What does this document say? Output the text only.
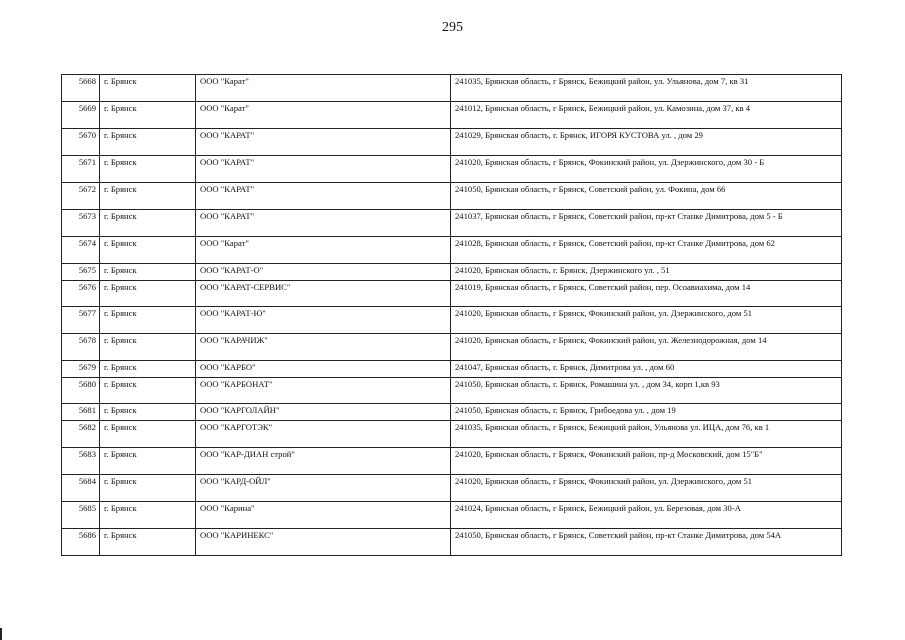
295
5668	г. Брянск	ООО "Карат"	241035, Брянская область, г Брянск, Бежицкий район, ул. Ульянова, дом 7, кв 31
5669	г. Брянск	ООО "Карат"	241012, Брянская область, г Брянск, Бежицкий район, ул. Камозина, дом 37, кв 4
5670	г. Брянск	ООО "КАРАТ"	241029, Брянская область, г. Брянск, ИГОРЯ КУСТОВА ул. , дом 29
5671	г. Брянск	ООО "КАРАТ"	241020, Брянская область, г Брянск, Фокинский район, ул. Дзержинского, дом 30 - Б
5672	г. Брянск	ООО "КАРАТ"	241050, Брянская область, г Брянск, Советский район, ул. Фокина, дом 66
5673	г. Брянск	ООО "КАРАТ"	241037, Брянская область, г Брянск, Советский район, пр-кт Станке Димитрова, дом 5 - Б
5674	г. Брянск	ООО "Карат"	241028, Брянская область, г Брянск, Советский район, пр-кт Станке Димитрова, дом 62
5675	г. Брянск	ООО "КАРАТ-О"	241020, Брянская область, г. Брянск, Дзержинского ул. , 51
5676	г. Брянск	ООО "КАРАТ-СЕРВИС"	241019, Брянская область, г Брянск, Советский район, пер. Осоавиахима, дом 14
5677	г. Брянск	ООО "КАРАТ-Ю"	241020, Брянская область, г Брянск, Фокинский район, ул. Дзержинского, дом 51
5678	г. Брянск	ООО "КАРАЧИЖ"	241020, Брянская область, г Брянск, Фокинский район, ул. Железнодорожная, дом 14
5679	г. Брянск	ООО "КАРБО"	241047, Брянская область, г. Брянск, Димитрова ул. , дом 60
5680	г. Брянск	ООО "КАРБОНАТ"	241050, Брянская область, г. Брянск, Ромашина ул. , дом 34, корп 1,кв 93
5681	г. Брянск	ООО "КАРГОЛАЙН"	241050, Брянская область, г. Брянск, Грибоедова ул. , дом 19
5682	г. Брянск	ООО "КАРГОТЭК"	241035, Брянская область, г Брянск, Бежицкий район, Ульянова ул. ИЦА, дом 76, кв 1
5683	г. Брянск	ООО "КАР-ДИАН строй"	241020, Брянская область, г Брянск, Фокинский район, пр-д Московский, дом 15"Б"
5684	г. Брянск	ООО "КАРД-ОЙЛ"	241020, Брянская область, г Брянск, Фокинский район, ул. Дзержинского, дом 51
5685	г. Брянск	ООО "Карина"	241024, Брянская область, г Брянск, Бежицкий район, ул. Березовая, дом 30-А
5686	г. Брянск	ООО "КАРИНЕКС"	241050, Брянская область, г Брянск, Советский район, пр-кт Станке Димитрова, дом 54А
